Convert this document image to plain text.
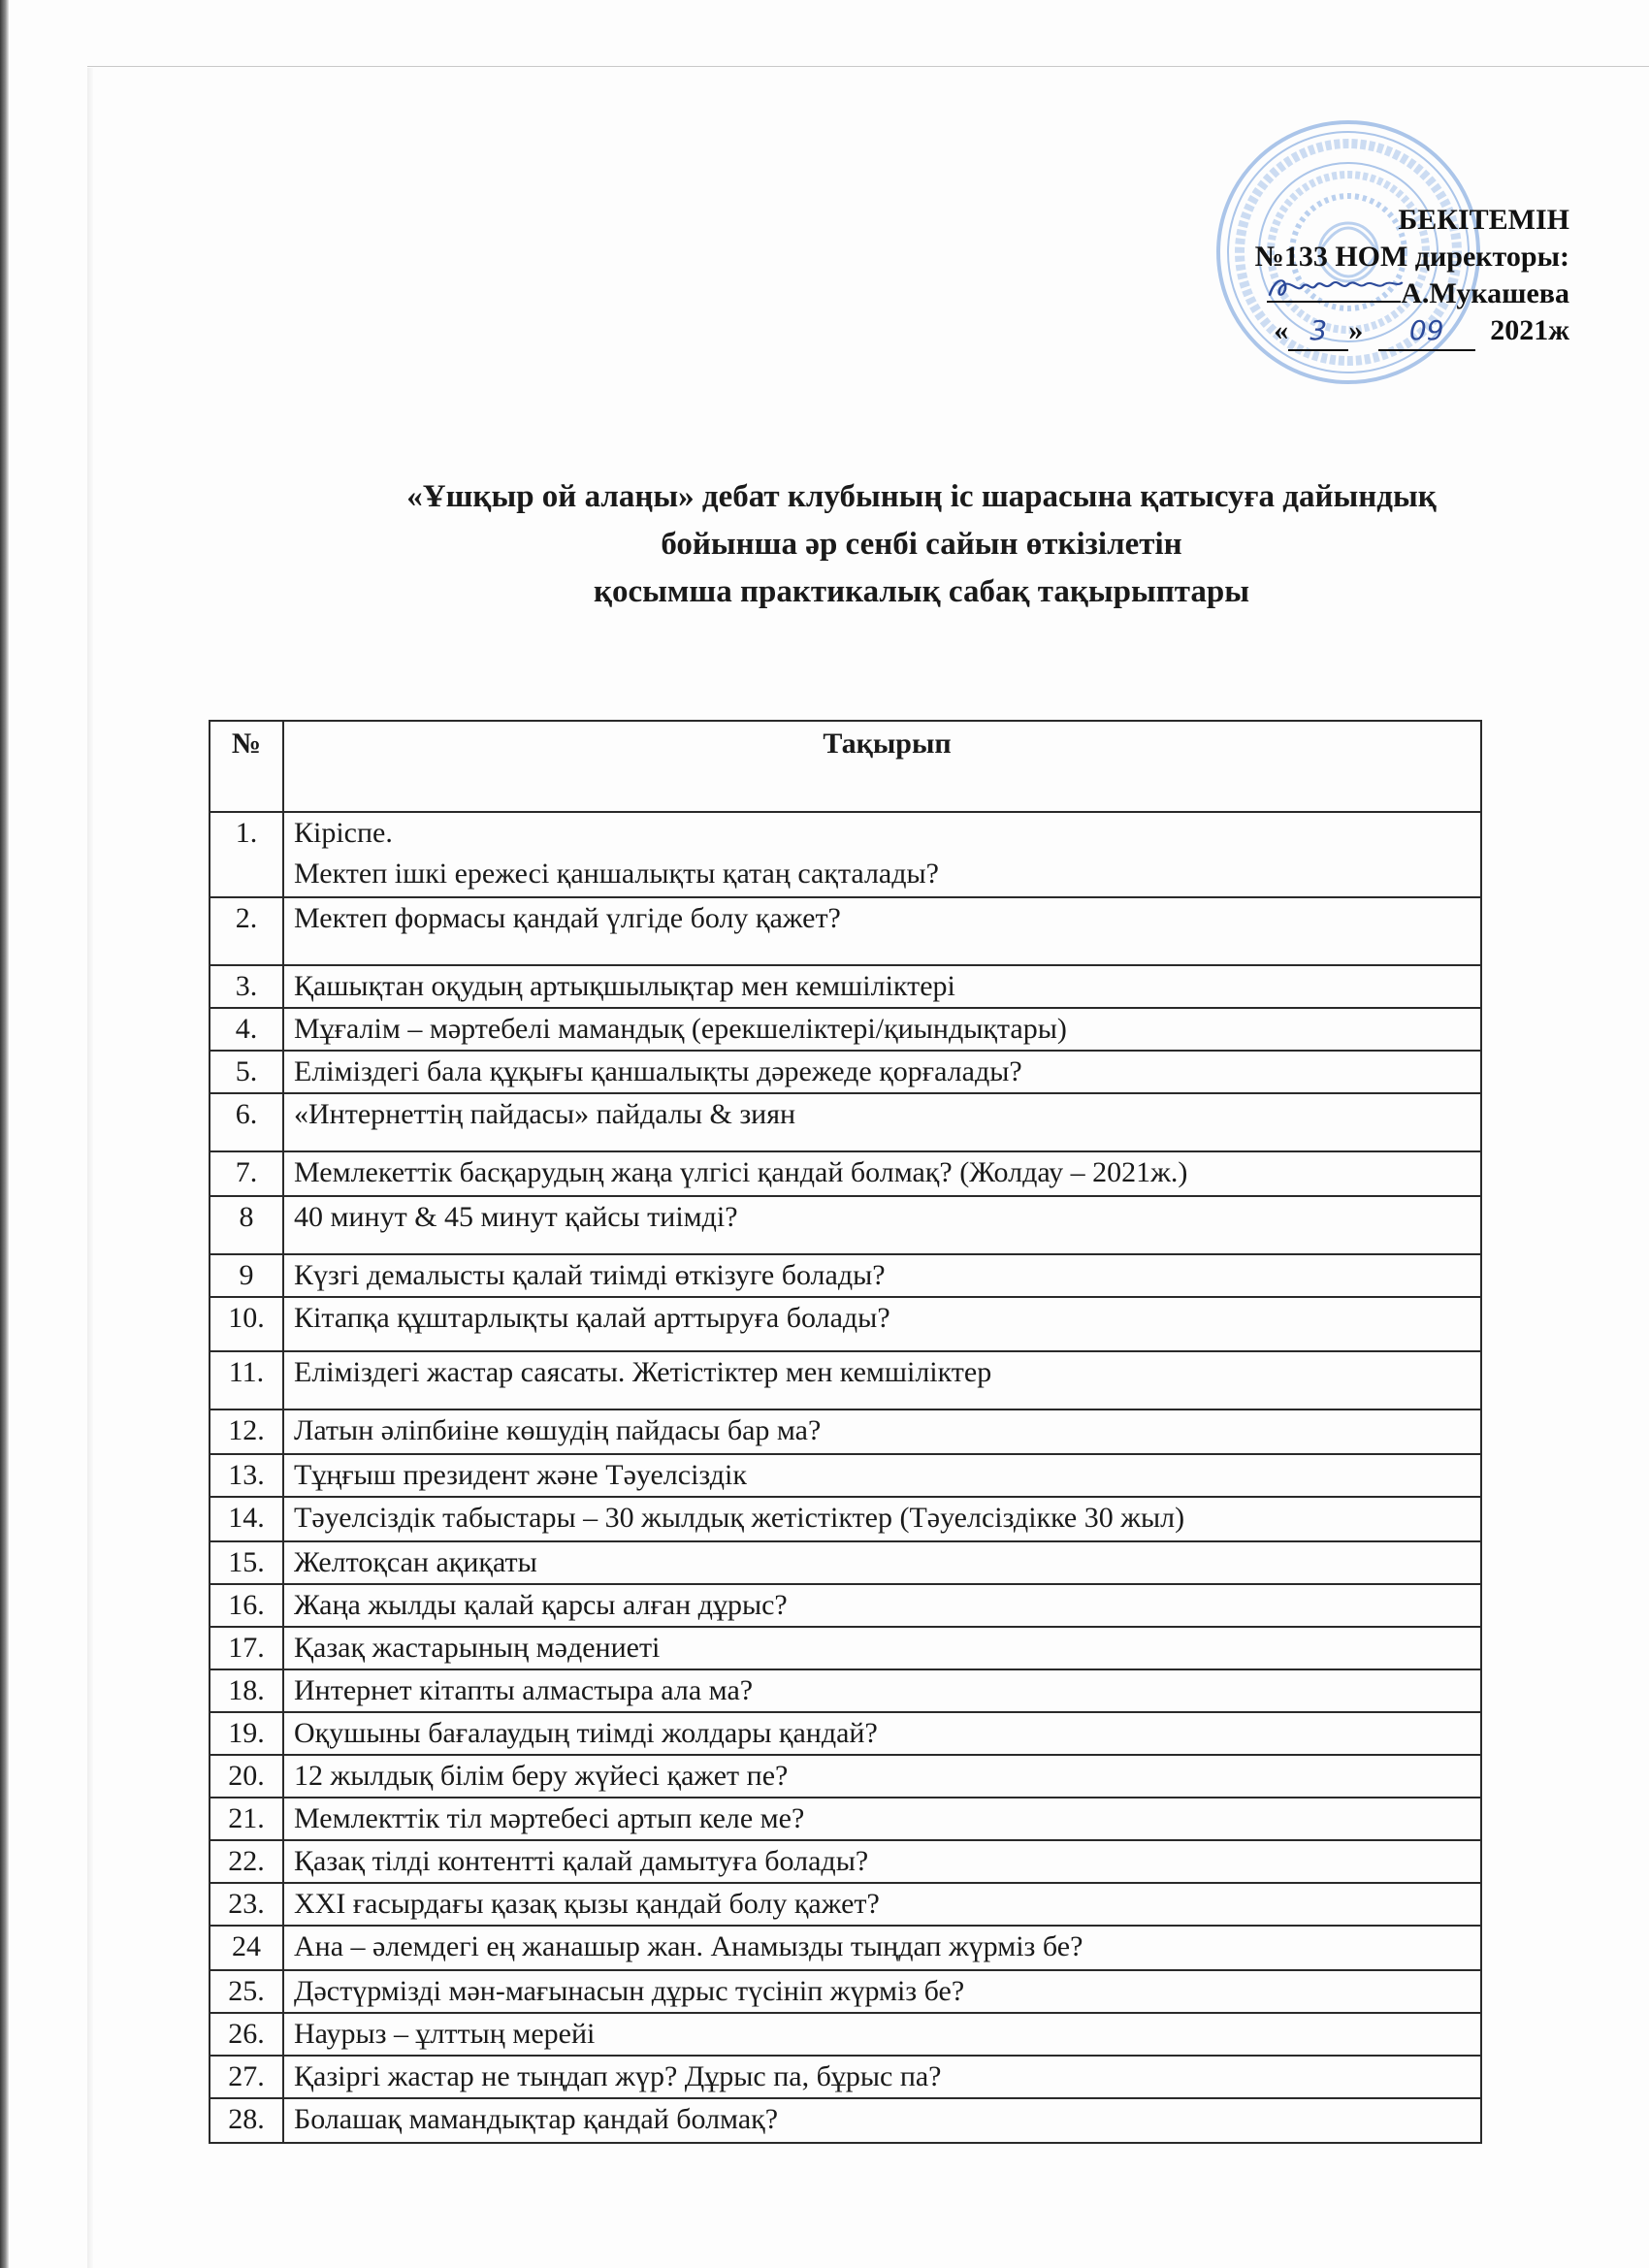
БЕКІТЕМІН
№133 НОМ директоры:
А.Мукашева
« 3 » 09 2021ж
«Ұшқыр ой алаңы» дебат клубының іс шарасына қатысуға дайындық
бойынша әр сенбі сайын өткізілетін
қосымша практикалық сабақ тақырыптары
№	Тақырып

1.	Кіріспе.
Мектеп ішкі ережесі қаншалықты қатаң сақталады?

2.	Мектеп формасы қандай үлгіде болу қажет?

3.	Қашықтан оқудың артықшылықтар мен кемшіліктері

4.	Мұғалім – мәртебелі мамандық (ерекшеліктері/қиындықтары)

5.	Еліміздегі бала құқығы қаншалықты дәрежеде қорғалады?

6.	«Интернеттің пайдасы» пайдалы & зиян

7.	Мемлекеттік басқарудың жаңа үлгісі қандай болмақ? (Жолдау – 2021ж.)

8	40 минут & 45 минут қайсы тиімді?

9	Күзгі демалысты қалай тиімді өткізуге болады?

10.	Кітапқа құштарлықты қалай арттыруға болады?

11.	Еліміздегі жастар саясаты. Жетістіктер мен кемшіліктер

12.	Латын әліпбиіне көшудің пайдасы бар ма?

13.	Тұңғыш президент және Тәуелсіздік

14.	Тәуелсіздік табыстары – 30 жылдық жетістіктер (Тәуелсіздікке 30 жыл)

15.	Желтоқсан ақиқаты

16.	Жаңа жылды қалай қарсы алған дұрыс?

17.	Қазақ жастарының мәдениеті

18.	Интернет кітапты алмастыра ала ма?

19.	Оқушыны бағалаудың тиімді жолдары қандай?

20.	12 жылдық білім беру жүйесі қажет пе?

21.	Мемлекттік тіл мәртебесі артып келе ме?

22.	Қазақ тілді контентті қалай дамытуға болады?

23.	XXI ғасырдағы қазақ қызы қандай болу қажет?

24	Ана – әлемдегі ең жанашыр жан. Анамызды тыңдап жүрміз бе?

25.	Дәстүрмізді мән-мағынасын дұрыс түсініп жүрміз бе?

26.	Наурыз – ұлттың мерейі

27.	Қазіргі жастар не тыңдап жүр? Дұрыс па, бұрыс па?

28.	Болашақ мамандықтар қандай болмақ?
